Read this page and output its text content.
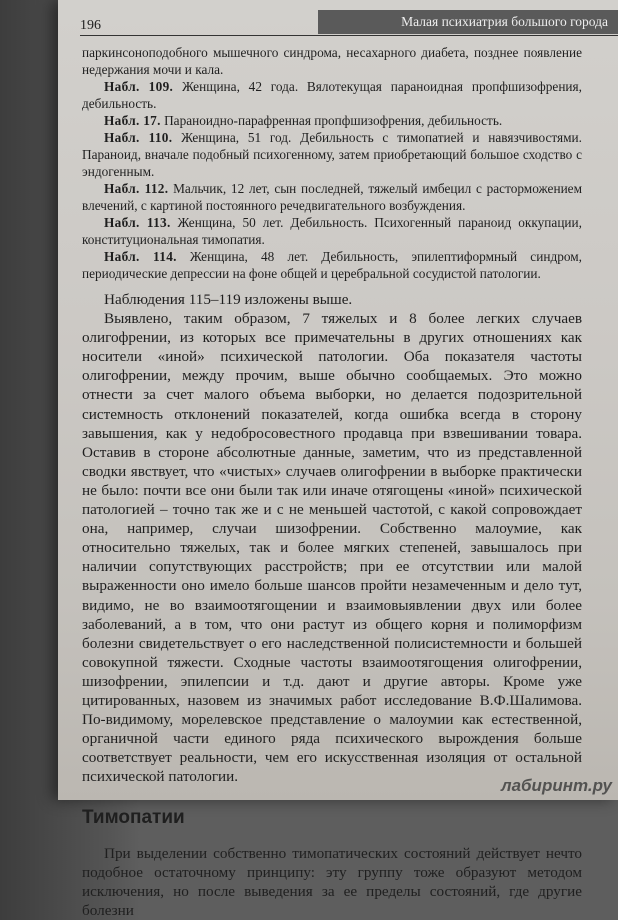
196	Малая психиатрия большого города

паркинсоноподобного мышечного синдрома, несахарного диабета, позднее появление недержания мочи и кала.

Набл. 109. Женщина, 42 года. Вялотекущая параноидная пропфшизофрения, дебильность.

Набл. 17. Параноидно-парафренная пропфшизофрения, дебильность.

Набл. 110. Женщина, 51 год. Дебильность с тимопатией и навязчивостями. Параноид, вначале подобный психогенному, затем приобретающий большое сходство с эндогенным.

Набл. 112. Мальчик, 12 лет, сын последней, тяжелый имбецил с расторможением влечений, с картиной постоянного речедвигательного возбуждения.

Набл. 113. Женщина, 50 лет. Дебильность. Психогенный параноид оккупации, конституциональная тимопатия.

Набл. 114. Женщина, 48 лет. Дебильность, эпилептиформный синдром, периодические депрессии на фоне общей и церебральной сосудистой патологии.

Наблюдения 115–119 изложены выше.

Выявлено, таким образом, 7 тяжелых и 8 более легких случаев олигофрении, из которых все примечательны в других отношениях как носители «иной» психической патологии. Оба показателя частоты олигофрении, между прочим, выше обычно сообщаемых. Это можно отнести за счет малого объема выборки, но делается подозрительной системность отклонений показателей, когда ошибка всегда в сторону завышения, как у недобросовестного продавца при взвешивании товара. Оставив в стороне абсолютные данные, заметим, что из представленной сводки явствует, что «чистых» случаев олигофрении в выборке практически не было: почти все они были так или иначе отягощены «иной» психической патологией – точно так же и с не меньшей частотой, с какой сопровождает она, например, случаи шизофрении. Собственно малоумие, как относительно тяжелых, так и более мягких степеней, завышалось при наличии сопутствующих расстройств; при ее отсутствии или малой выраженности оно имело больше шансов пройти незамеченным и дело тут, видимо, не во взаимоотягощении и взаимовыявлении двух или более заболеваний, а в том, что они растут из общего корня и полиморфизм болезни свидетельствует о его наследственной полисистемности и большей совокупной тяжести. Сходные частоты взаимоотягощения олигофрении, шизофрении, эпилепсии и т.д. дают и другие авторы. Кроме уже цитированных, назовем из значимых работ исследование В.Ф.Шалимова. По-видимому, морелевское представление о малоумии как естественной, органичной части единого ряда психического вырождения больше соответствует реальности, чем его искусственная изоляция от остальной психической патологии.

Тимопатии

При выделении собственно тимопатических состояний действует нечто подобное остаточному принципу: эту группу тоже образуют методом исключения, но после выведения за ее пределы состояний, где другие болезни

лабиринт.ру
